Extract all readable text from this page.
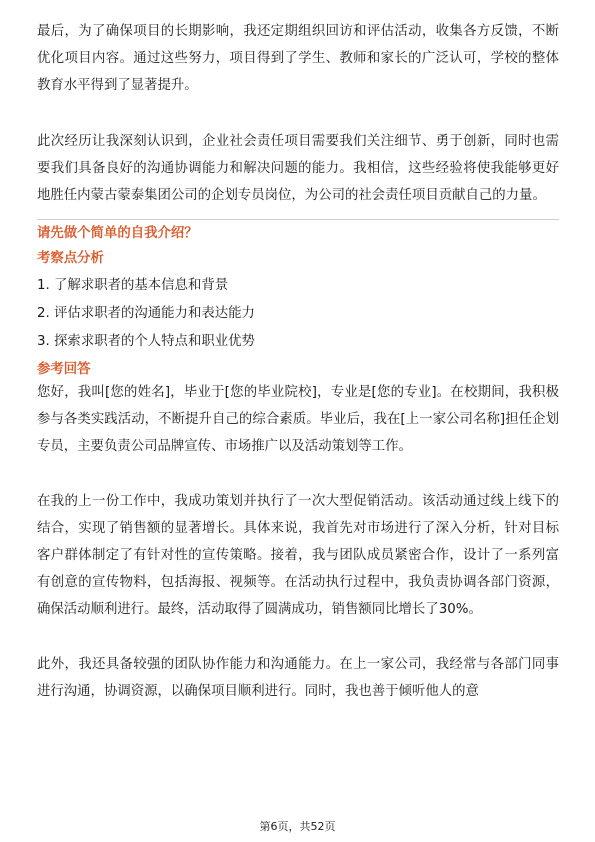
最后，为了确保项目的长期影响，我还定期组织回访和评估活动，收集各方反馈，不断优化项目内容。通过这些努力，项目得到了学生、教师和家长的广泛认可，学校的整体教育水平得到了显著提升。

此次经历让我深刻认识到，企业社会责任项目需要我们关注细节、勇于创新，同时也需要我们具备良好的沟通协调能力和解决问题的能力。我相信，这些经验将使我能够更好地胜任内蒙古蒙泰集团公司的企划专员岗位，为公司的社会责任项目贡献自己的力量。

请先做个简单的自我介绍？

考察点分析

1. 了解求职者的基本信息和背景
2. 评估求职者的沟通能力和表达能力
3. 探索求职者的个人特点和职业优势

参考回答

您好，我叫[您的姓名]，毕业于[您的毕业院校]，专业是[您的专业]。在校期间，我积极参与各类实践活动，不断提升自己的综合素质。毕业后，我在[上一家公司名称]担任企划专员，主要负责公司品牌宣传、市场推广以及活动策划等工作。

在我的上一份工作中，我成功策划并执行了一次大型促销活动。该活动通过线上线下的结合，实现了销售额的显著增长。具体来说，我首先对市场进行了深入分析，针对目标客户群体制定了有针对性的宣传策略。接着，我与团队成员紧密合作，设计了一系列富有创意的宣传物料，包括海报、视频等。在活动执行过程中，我负责协调各部门资源，确保活动顺利进行。最终，活动取得了圆满成功，销售额同比增长了30%。

此外，我还具备较强的团队协作能力和沟通能力。在上一家公司，我经常与各部门同事进行沟通，协调资源，以确保项目顺利进行。同时，我也善于倾听他人的意

第6页，共52页
